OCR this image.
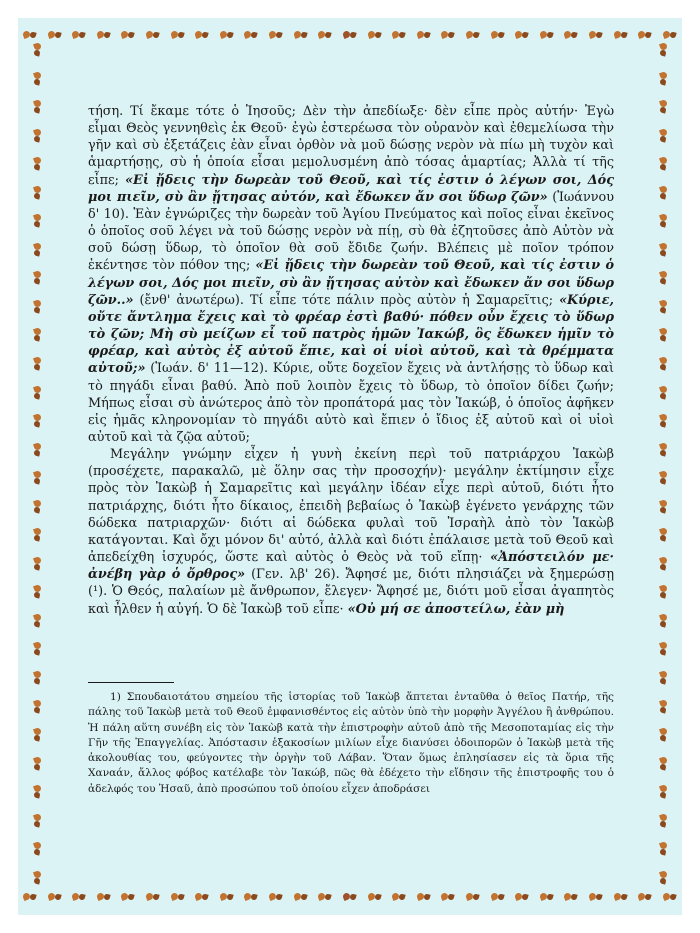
τήση. Τί ἔκαμε τότε ὁ Ἰησοῦς; Δὲν τὴν ἀπεδίωξε· δὲν εἶπε πρὸς αὐτήν· Ἐγὼ εἶμαι Θεὸς γεννηθεὶς ἐκ Θεοῦ· ἐγὼ ἐστερέωσα τὸν οὐρανὸν καὶ ἐθεμελίωσα τὴν γῆν καὶ σὺ ἐξετάζεις ἐὰν εἶναι ὀρθὸν νὰ μοῦ δώσῃς νερὸν νὰ πίω μὴ τυχὸν καὶ ἁμαρτήσῃς, σὺ ἡ ὁποία εἶσαι μεμολυσμένη ἀπὸ τόσας ἁμαρτίας; Ἀλλὰ τί τῆς εἶπε; «Εἰ ᾔδεις τὴν δωρεὰν τοῦ Θεοῦ, καὶ τίς ἐστιν ὁ λέγων σοι, Δός μοι πιεῖν, σὺ ἂν ᾔτησας αὐτόν, καὶ ἔδωκεν ἄν σοι ὕδωρ ζῶν» (Ἰωάννου δ' 10). Ἐὰν ἐγνώριζες τὴν δωρεὰν τοῦ Ἁγίου Πνεύματος καὶ ποῖος εἶναι ἐκεῖνος ὁ ὁποῖος σοῦ λέγει νὰ τοῦ δώσῃς νερὸν νὰ πίῃ, σὺ θὰ ἐζητοῦσες ἀπὸ Αὐτὸν νὰ σοῦ δώσῃ ὕδωρ, τὸ ὁποῖον θὰ σοῦ ἔδιδε ζωήν. Βλέπεις μὲ ποῖον τρόπον ἐκέντησε τὸν πόθον της; «Εἰ ᾔδεις τὴν δωρεὰν τοῦ Θεοῦ, καὶ τίς ἐστιν ὁ λέγων σοι, Δός μοι πιεῖν, σὺ ἂν ᾔτησας αὐτὸν καὶ ἔδωκεν ἄν σοι ὕδωρ ζῶν..» (ἔνθ' ἀνωτέρω). Τί εἶπε τότε πάλιν πρὸς αὐτὸν ἡ Σαμαρεῖτις; «Κύριε, οὔτε ἄντλημα ἔχεις καὶ τὸ φρέαρ ἐστὶ βαθύ· πόθεν οὖν ἔχεις τὸ ὕδωρ τὸ ζῶν; Μὴ σὺ μείζων εἶ τοῦ πατρὸς ἡμῶν Ἰακώβ, ὃς ἔδωκεν ἡμῖν τὸ φρέαρ, καὶ αὐτὸς ἐξ αὐτοῦ ἔπιε, καὶ οἱ υἱοὶ αὐτοῦ, καὶ τὰ θρέμματα αὐτοῦ;» (Ἰωάν. δ' 11—12). Κύριε, οὔτε δοχεῖον ἔχεις νὰ ἀντλήσῃς τὸ ὕδωρ καὶ τὸ πηγάδι εἶναι βαθύ. Ἀπὸ ποῦ λοιπὸν ἔχεις τὸ ὕδωρ, τὸ ὁποῖον δίδει ζωήν; Μήπως εἶσαι σὺ ἀνώτερος ἀπὸ τὸν προπάτορά μας τὸν Ἰακώβ, ὁ ὁποῖος ἀφῆκεν εἰς ἡμᾶς κληρονομίαν τὸ πηγάδι αὐτὸ καὶ ἔπιεν ὁ ἴδιος ἐξ αὐτοῦ καὶ οἱ υἱοὶ αὐτοῦ καὶ τὰ ζῷα αὐτοῦ;

Μεγάλην γνώμην εἶχεν ἡ γυνὴ ἐκείνη περὶ τοῦ πατριάρχου Ἰακὼβ (προσέχετε, παρακαλῶ, μὲ ὅλην σας τὴν προσοχήν)· μεγάλην ἐκτίμησιν εἶχε πρὸς τὸν Ἰακὼβ ἡ Σαμαρεῖτις καὶ μεγάλην ἰδέαν εἶχε περὶ αὐτοῦ, διότι ἦτο πατριάρχης, διότι ἦτο δίκαιος, ἐπειδὴ βεβαίως ὁ Ἰακὼβ ἐγένετο γενάρχης τῶν δώδεκα πατριαρχῶν· διότι αἱ δώδεκα φυλαὶ τοῦ Ἰσραὴλ ἀπὸ τὸν Ἰακὼβ κατάγονται. Καὶ ὄχι μόνον δι' αὐτό, ἀλλὰ καὶ διότι ἐπάλαισε μετὰ τοῦ Θεοῦ καὶ ἀπεδείχθη ἰσχυρός, ὥστε καὶ αὐτὸς ὁ Θεὸς νὰ τοῦ εἴπῃ· «Ἀπόστειλόν με· ἀνέβη γὰρ ὁ ὄρθρος» (Γεν. λβ' 26). Ἄφησέ με, διότι πλησιάζει νὰ ξημερώσῃ (¹). Ὁ Θεός, παλαίων μὲ ἄνθρωπον, ἔλεγεν· Ἄφησέ με, διότι μοῦ εἶσαι ἀγαπητὸς καὶ ἦλθεν ἡ αὐγή. Ὁ δὲ Ἰακὼβ τοῦ εἶπε· «Οὐ μή σε ἀποστείλω, ἐὰν μὴ

1) Σπουδαιοτάτου σημείου τῆς ἱστορίας τοῦ Ἰακὼβ ἅπτεται ἐνταῦθα ὁ θεῖος Πατήρ, τῆς πάλης τοῦ Ἰακὼβ μετὰ τοῦ Θεοῦ ἐμφανισθέντος εἰς αὐτὸν ὑπὸ τὴν μορφὴν Ἀγγέλου ἢ ἀνθρώπου. Ἡ πάλη αὕτη συνέβη εἰς τὸν Ἰακὼβ κατὰ τὴν ἐπιστροφὴν αὐτοῦ ἀπὸ τῆς Μεσοποταμίας εἰς τὴν Γῆν τῆς Ἐπαγγελίας. Ἀπόστασιν ἑξακοσίων μιλίων εἶχε διανύσει ὁδοιπορῶν ὁ Ἰακὼβ μετὰ τῆς ἀκολουθίας του, φεύγοντες τὴν ὀργὴν τοῦ Λάβαν. Ὅταν ὅμως ἐπλησίασεν εἰς τὰ ὅρια τῆς Χαναάν, ἄλλος φόβος κατέλαβε τὸν Ἰακώβ, πῶς θὰ ἐδέχετο τὴν εἴδησιν τῆς ἐπιστροφῆς του ὁ ἀδελφός του Ἠσαῦ, ἀπὸ προσώπου τοῦ ὁποίου εἶχεν ἀποδράσει
